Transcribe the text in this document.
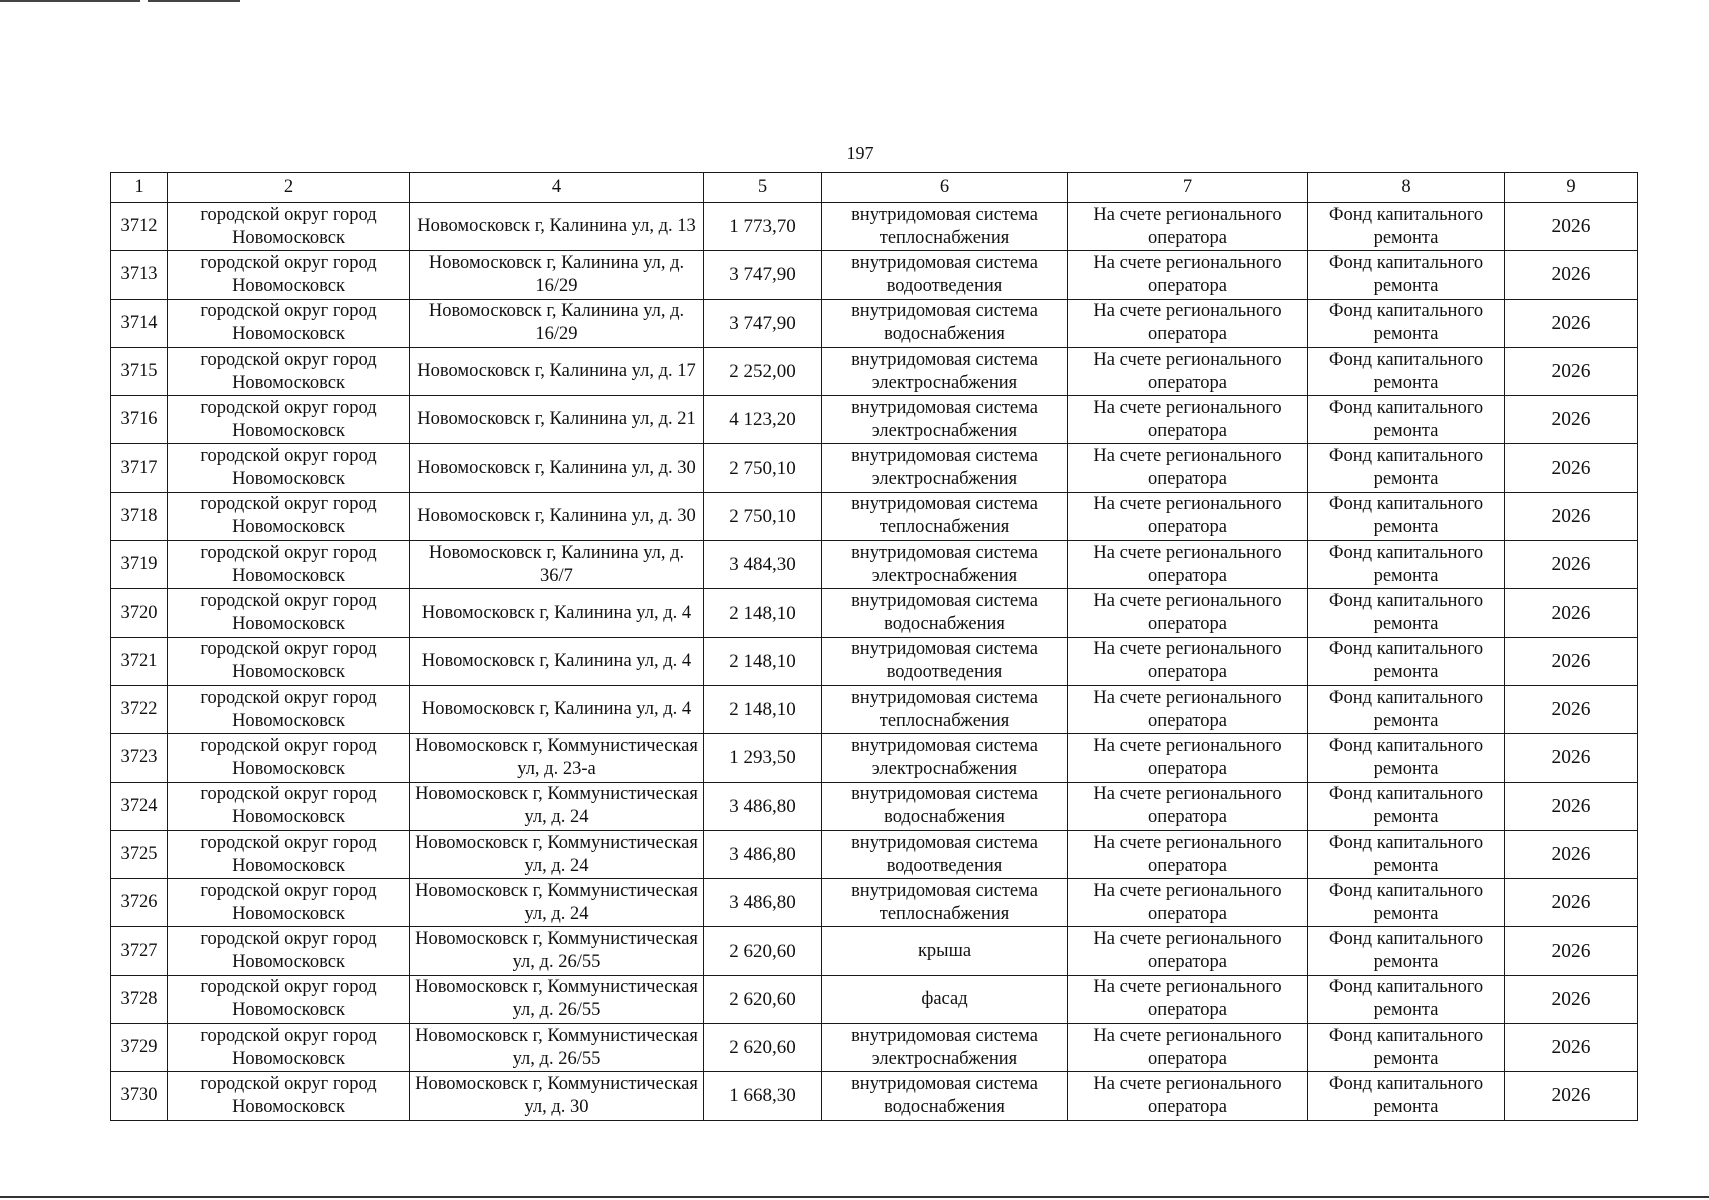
197
1	2	4	5	6	7	8	9
3712	городской округ город Новомосковск	Новомосковск г, Калинина ул, д. 13	1 773,70	внутридомовая система теплоснабжения	На счете регионального оператора	Фонд капитального ремонта	2026
3713	городской округ город Новомосковск	Новомосковск г, Калинина ул, д. 16/29	3 747,90	внутридомовая система водоотведения	На счете регионального оператора	Фонд капитального ремонта	2026
3714	городской округ город Новомосковск	Новомосковск г, Калинина ул, д. 16/29	3 747,90	внутридомовая система водоснабжения	На счете регионального оператора	Фонд капитального ремонта	2026
3715	городской округ город Новомосковск	Новомосковск г, Калинина ул, д. 17	2 252,00	внутридомовая система электроснабжения	На счете регионального оператора	Фонд капитального ремонта	2026
3716	городской округ город Новомосковск	Новомосковск г, Калинина ул, д. 21	4 123,20	внутридомовая система электроснабжения	На счете регионального оператора	Фонд капитального ремонта	2026
3717	городской округ город Новомосковск	Новомосковск г, Калинина ул, д. 30	2 750,10	внутридомовая система электроснабжения	На счете регионального оператора	Фонд капитального ремонта	2026
3718	городской округ город Новомосковск	Новомосковск г, Калинина ул, д. 30	2 750,10	внутридомовая система теплоснабжения	На счете регионального оператора	Фонд капитального ремонта	2026
3719	городской округ город Новомосковск	Новомосковск г, Калинина ул, д. 36/7	3 484,30	внутридомовая система электроснабжения	На счете регионального оператора	Фонд капитального ремонта	2026
3720	городской округ город Новомосковск	Новомосковск г, Калинина ул, д. 4	2 148,10	внутридомовая система водоснабжения	На счете регионального оператора	Фонд капитального ремонта	2026
3721	городской округ город Новомосковск	Новомосковск г, Калинина ул, д. 4	2 148,10	внутридомовая система водоотведения	На счете регионального оператора	Фонд капитального ремонта	2026
3722	городской округ город Новомосковск	Новомосковск г, Калинина ул, д. 4	2 148,10	внутридомовая система теплоснабжения	На счете регионального оператора	Фонд капитального ремонта	2026
3723	городской округ город Новомосковск	Новомосковск г, Коммунистическая ул, д. 23-а	1 293,50	внутридомовая система электроснабжения	На счете регионального оператора	Фонд капитального ремонта	2026
3724	городской округ город Новомосковск	Новомосковск г, Коммунистическая ул, д. 24	3 486,80	внутридомовая система водоснабжения	На счете регионального оператора	Фонд капитального ремонта	2026
3725	городской округ город Новомосковск	Новомосковск г, Коммунистическая ул, д. 24	3 486,80	внутридомовая система водоотведения	На счете регионального оператора	Фонд капитального ремонта	2026
3726	городской округ город Новомосковск	Новомосковск г, Коммунистическая ул, д. 24	3 486,80	внутридомовая система теплоснабжения	На счете регионального оператора	Фонд капитального ремонта	2026
3727	городской округ город Новомосковск	Новомосковск г, Коммунистическая ул, д. 26/55	2 620,60	крыша	На счете регионального оператора	Фонд капитального ремонта	2026
3728	городской округ город Новомосковск	Новомосковск г, Коммунистическая ул, д. 26/55	2 620,60	фасад	На счете регионального оператора	Фонд капитального ремонта	2026
3729	городской округ город Новомосковск	Новомосковск г, Коммунистическая ул, д. 26/55	2 620,60	внутридомовая система электроснабжения	На счете регионального оператора	Фонд капитального ремонта	2026
3730	городской округ город Новомосковск	Новомосковск г, Коммунистическая ул, д. 30	1 668,30	внутридомовая система водоснабжения	На счете регионального оператора	Фонд капитального ремонта	2026
